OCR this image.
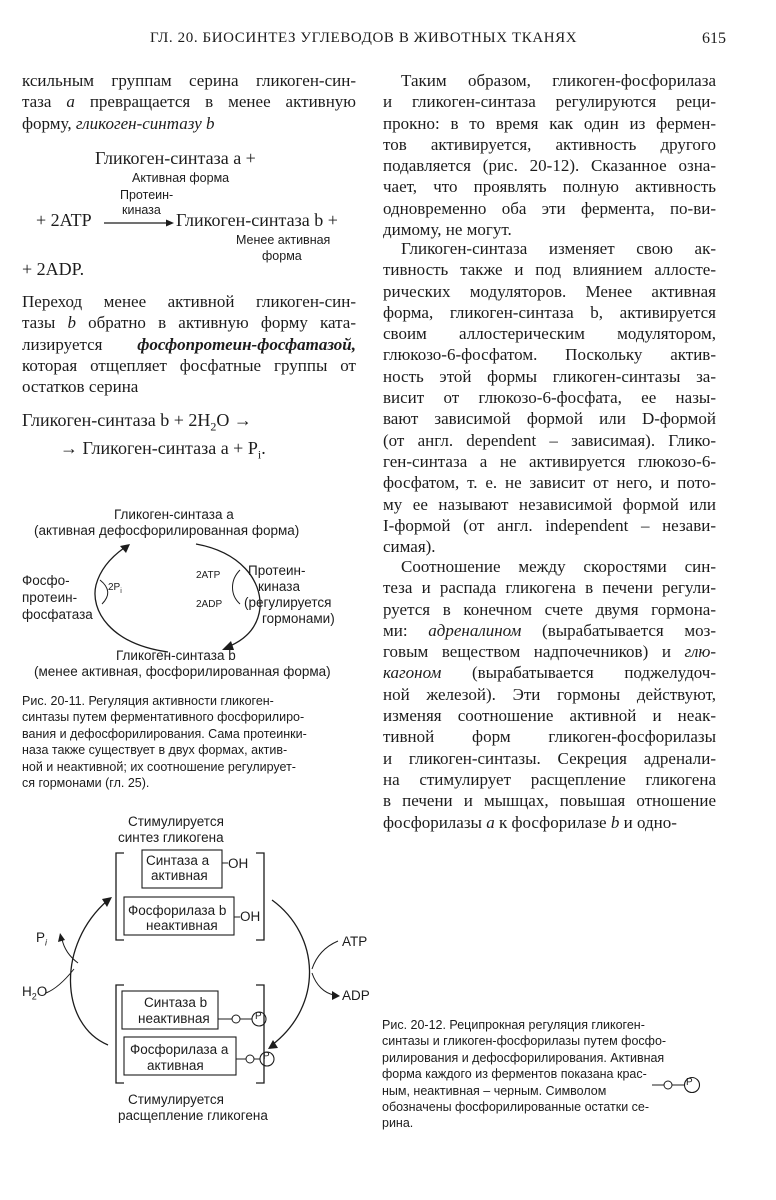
ГЛ. 20. БИОСИНТЕЗ УГЛЕВОДОВ В ЖИВОТНЫХ ТКАНЯХ	615
ксильным группам серина гликоген-син-
таза a превращается в менее активную
форму, гликоген-синтазу b
Гликоген-синтаза a +
Активная форма
Протеин-
киназа
+ 2ATP	Гликоген-синтаза b +
Менее активная
форма
+ 2ADP.
Переход менее активной гликоген-син-
тазы b обратно в активную форму ката-
лизируется фосфопротеин-фосфатазой,
которая отщепляет фосфатные группы от
остатков серина
Гликоген-синтаза $b + 2H_2O$ →
→ Гликоген-синтаза $a + P_i$.
Гликоген-синтаза a
(активная дефосфорилированная форма)
Фосфо-
протеин-
фосфатаза
$2P_i$
2ATP
2ADP
Протеин-
киназа
(регулируется
гормонами)
Гликоген-синтаза b
(менее активная, фосфорилированная форма)
Рис. 20-11. Регуляция активности гликоген-
синтазы путем ферментативного фосфорилиро-
вания и дефосфорилирования. Сама протеинки-
наза также существует в двух формах, актив-
ной и неактивной; их соотношение регулирует-
ся гормонами (гл. 25).
Стимулируется
синтез гликогена
Синтаза a
активная
OH
Фосфорилаза b
неактивная
OH
Синтаза b
неактивная	P
Фосфорилаза a
активная
P
$P_i$
$H_2O$
ATP
ADP
Стимулируется
расщепление гликогена
Рис. 20-12. Реципрокная регуляция гликоген-
синтазы и гликоген-фосфорилазы путем фосфо-
рилирования и дефосфорилирования. Активная
форма каждого из ферментов показана крас-
ным, неактивная – черным. Символом
обозначены фосфорилированные остатки се-
рина.
P
Таким образом, гликоген-фосфорилаза
и гликоген-синтаза регулируются реци-
прокно: в то время как один из фермен-
тов активируется, активность другого
подавляется (рис. 20-12). Сказанное озна-
чает, что проявлять полную активность
одновременно оба эти фермента, по-ви-
димому, не могут.
Гликоген-синтаза изменяет свою ак-
тивность также и под влиянием аллосте-
рических модуляторов. Менее активная
форма, гликоген-синтаза b, активируется
своим аллостерическим модулятором,
глюкозо-6-фосфатом. Поскольку актив-
ность этой формы гликоген-синтазы за-
висит от глюкозо-6-фосфата, ее назы-
вают зависимой формой или D-формой
(от англ. dependent – зависимая). Глико-
ген-синтаза a не активируется глюкозо-6-
фосфатом, т. е. не зависит от него, и пото-
му ее называют независимой формой или
I-формой (от англ. independent – незави-
симая).
Соотношение между скоростями син-
теза и распада гликогена в печени регули-
руется в конечном счете двумя гормона-
ми: адреналином (вырабатывается моз-
говым веществом надпочечников) и глю-
кагоном (вырабатывается поджелудоч-
ной железой). Эти гормоны действуют,
изменяя соотношение активной и неак-
тивной форм гликоген-фосфорилазы
и гликоген-синтазы. Секреция адренали-
на стимулирует расщепление гликогена
в печени и мышцах, повышая отношение
фосфорилазы a к фосфорилазе b и одно-
